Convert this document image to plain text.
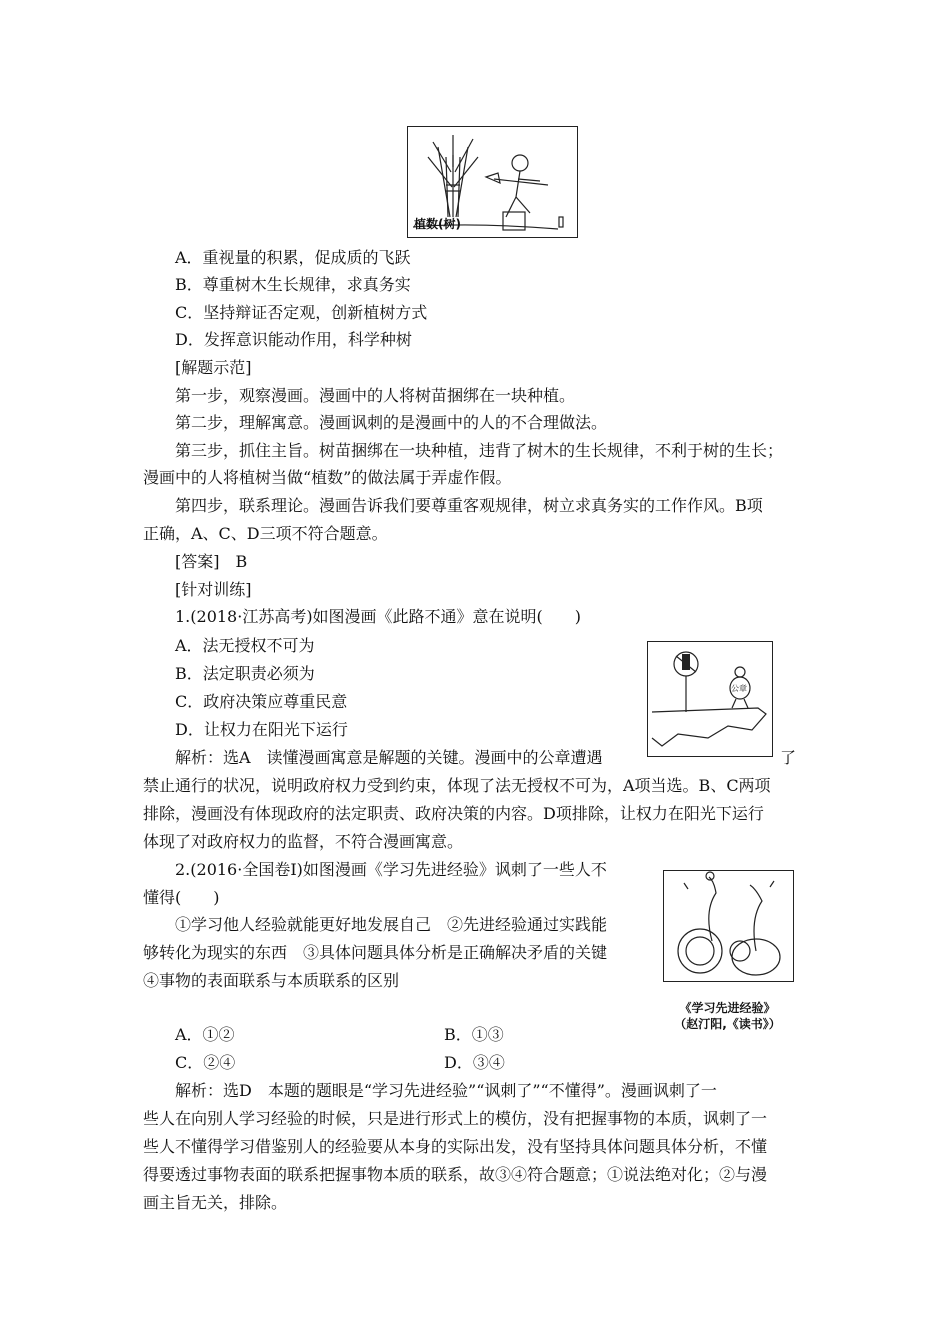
植数(树)
公章
《学习先进经验》
（赵汀阳,《读书》）
A．重视量的积累，促成质的飞跃
B．尊重树木生长规律，求真务实
C．坚持辩证否定观，创新植树方式
D．发挥意识能动作用，科学种树
[解题示范]
第一步，观察漫画。漫画中的人将树苗捆绑在一块种植。
第二步，理解寓意。漫画讽刺的是漫画中的人的不合理做法。
第三步，抓住主旨。树苗捆绑在一块种植，违背了树木的生长规律，不利于树的生长；
漫画中的人将植树当做“植数”的做法属于弄虚作假。
第四步，联系理论。漫画告诉我们要尊重客观规律，树立求真务实的工作作风。B项
正确，A、C、D三项不符合题意。
[答案]　B
[针对训练]
1.(2018·江苏高考)如图漫画《此路不通》意在说明(　　)
A．法无授权不可为
B．法定职责必须为
C．政府决策应尊重民意
D．让权力在阳光下运行
解析：选A　读懂漫画寓意是解题的关键。漫画中的公章遭遇	了
禁止通行的状况，说明政府权力受到约束，体现了法无授权不可为，A项当选。B、C两项
排除，漫画没有体现政府的法定职责、政府决策的内容。D项排除，让权力在阳光下运行
体现了对政府权力的监督，不符合漫画寓意。
2.(2016·全国卷Ⅰ)如图漫画《学习先进经验》讽刺了一些人不
懂得(　　)
①学习他人经验就能更好地发展自己　②先进经验通过实践能
够转化为现实的东西　③具体问题具体分析是正确解决矛盾的关键
④事物的表面联系与本质联系的区别
A．①②	B．①③
C．②④	D．③④
解析：选D　本题的题眼是“学习先进经验”“讽刺了”“不懂得”。漫画讽刺了一
些人在向别人学习经验的时候，只是进行形式上的模仿，没有把握事物的本质，讽刺了一
些人不懂得学习借鉴别人的经验要从本身的实际出发，没有坚持具体问题具体分析，不懂
得要透过事物表面的联系把握事物本质的联系，故③④符合题意；①说法绝对化；②与漫
画主旨无关，排除。
